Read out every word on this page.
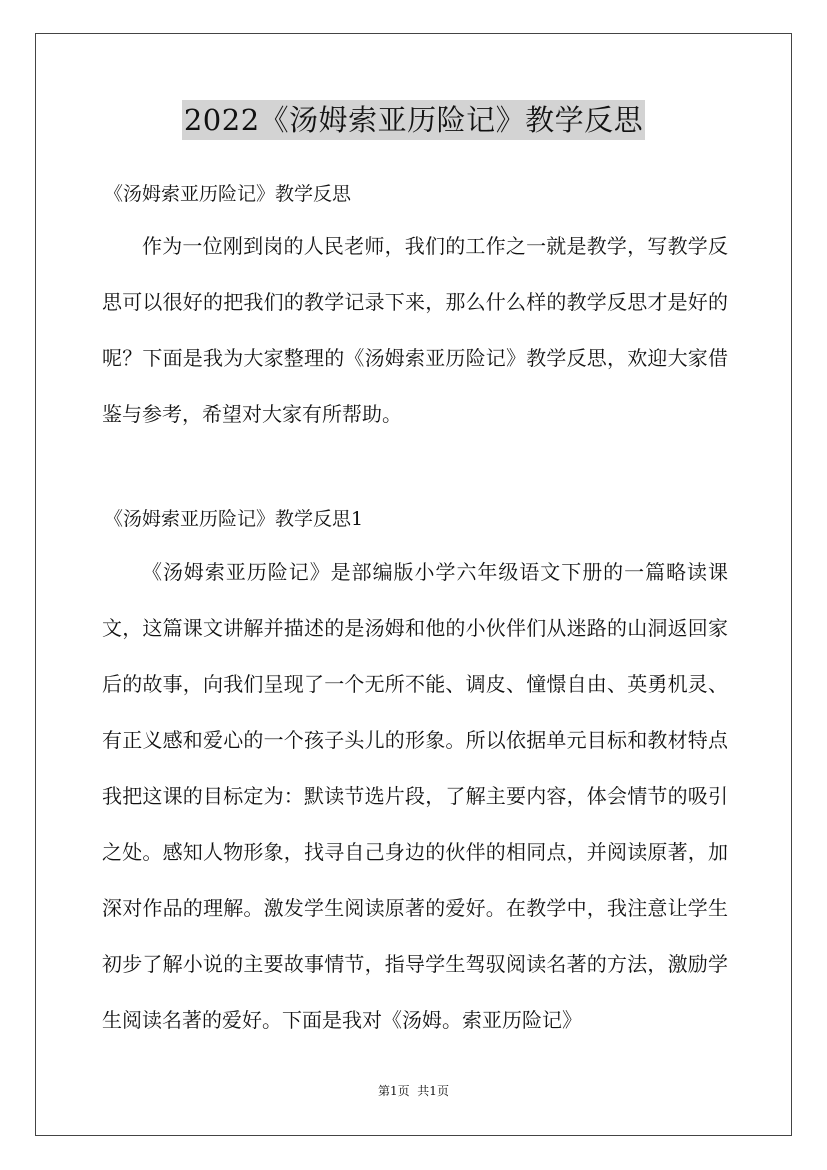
2022《汤姆索亚历险记》教学反思
《汤姆索亚历险记》教学反思

作为一位刚到岗的人民老师，我们的工作之一就是教学，写教学反思可以很好的把我们的教学记录下来，那么什么样的教学反思才是好的呢？下面是我为大家整理的《汤姆索亚历险记》教学反思，欢迎大家借鉴与参考，希望对大家有所帮助。

《汤姆索亚历险记》教学反思1

《汤姆索亚历险记》是部编版小学六年级语文下册的一篇略读课文，这篇课文讲解并描述的是汤姆和他的小伙伴们从迷路的山洞返回家后的故事，向我们呈现了一个无所不能、调皮、憧憬自由、英勇机灵、有正义感和爱心的一个孩子头儿的形象。所以依据单元目标和教材特点我把这课的目标定为：默读节选片段，了解主要内容，体会情节的吸引之处。感知人物形象，找寻自己身边的伙伴的相同点，并阅读原著，加深对作品的理解。激发学生阅读原著的爱好。在教学中，我注意让学生初步了解小说的主要故事情节，指导学生驾驭阅读名著的方法，激励学生阅读名著的爱好。下面是我对《汤姆。索亚历险记》

第1页  共1页
